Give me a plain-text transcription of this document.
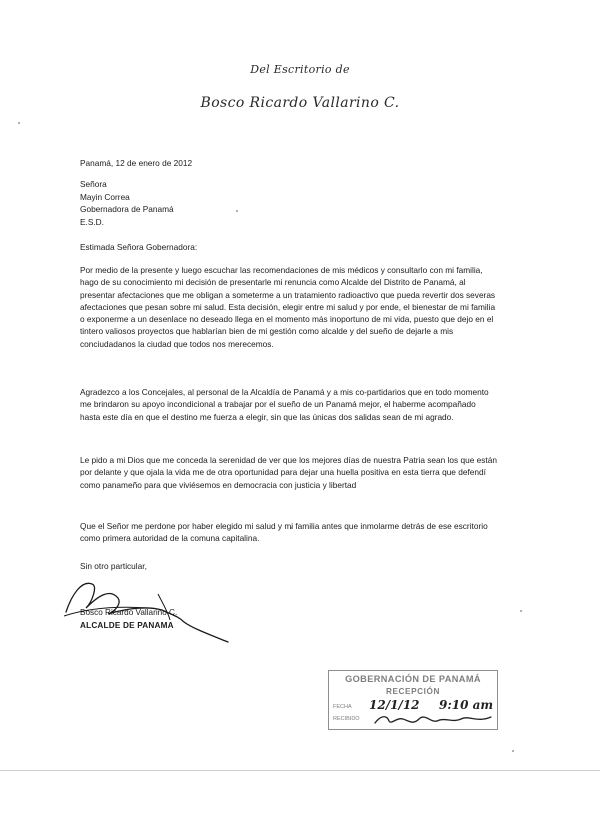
Del Escritorio de
Bosco Ricardo Vallarino C.
Panamá, 12 de enero de 2012
Señora
Mayin Correa
Gobernadora de Panamá
E.S.D.
Estimada Señora Gobernadora:
Por medio de la presente y luego escuchar las recomendaciones de mis médicos y consultarlo con mi familia, hago de su conocimiento mi decisión de presentarle mi renuncia como Alcalde del Distrito de Panamá, al presentar afectaciones que me obligan a someterme a un tratamiento radioactivo que pueda revertir dos severas afectaciones que pesan sobre mi salud. Esta decisión, elegir entre mi salud y por ende, el bienestar de mi familia o exponerme a un desenlace no deseado llega en el momento más inoportuno de mi vida, puesto que dejo en el tintero valiosos proyectos que hablarían bien de mi gestión como alcalde y del sueño de dejarle a mis conciudadanos la ciudad que todos nos merecemos.
Agradezco a los Concejales, al personal de la Alcaldía de Panamá y a mis co-partidarios que en todo momento me brindaron su apoyo incondicional a trabajar por el sueño de un Panamá mejor, el haberme acompañado hasta este día en que el destino me fuerza a elegir, sin que las únicas dos salidas sean de mi agrado.
Le pido a mi Dios que me conceda la serenidad de ver que los mejores días de nuestra Patria sean los que están por delante y que ojala la vida me de otra oportunidad para dejar una huella positiva en esta tierra que defendí como panameño para que viviésemos en democracia con justicia y libertad
Que el Señor me perdone por haber elegido mi salud y mi familia antes que inmolarme detrás de ese escritorio como primera autoridad de la comuna capitalina.
Sin otro particular,
Bosco Ricardo Vallarino C.
ALCALDE DE PANAMA
GOBERNACIÓN DE PANAMÁ
RECEPCIÓN
FECHA
RECIBIDO
12/1/12 9:10 am
